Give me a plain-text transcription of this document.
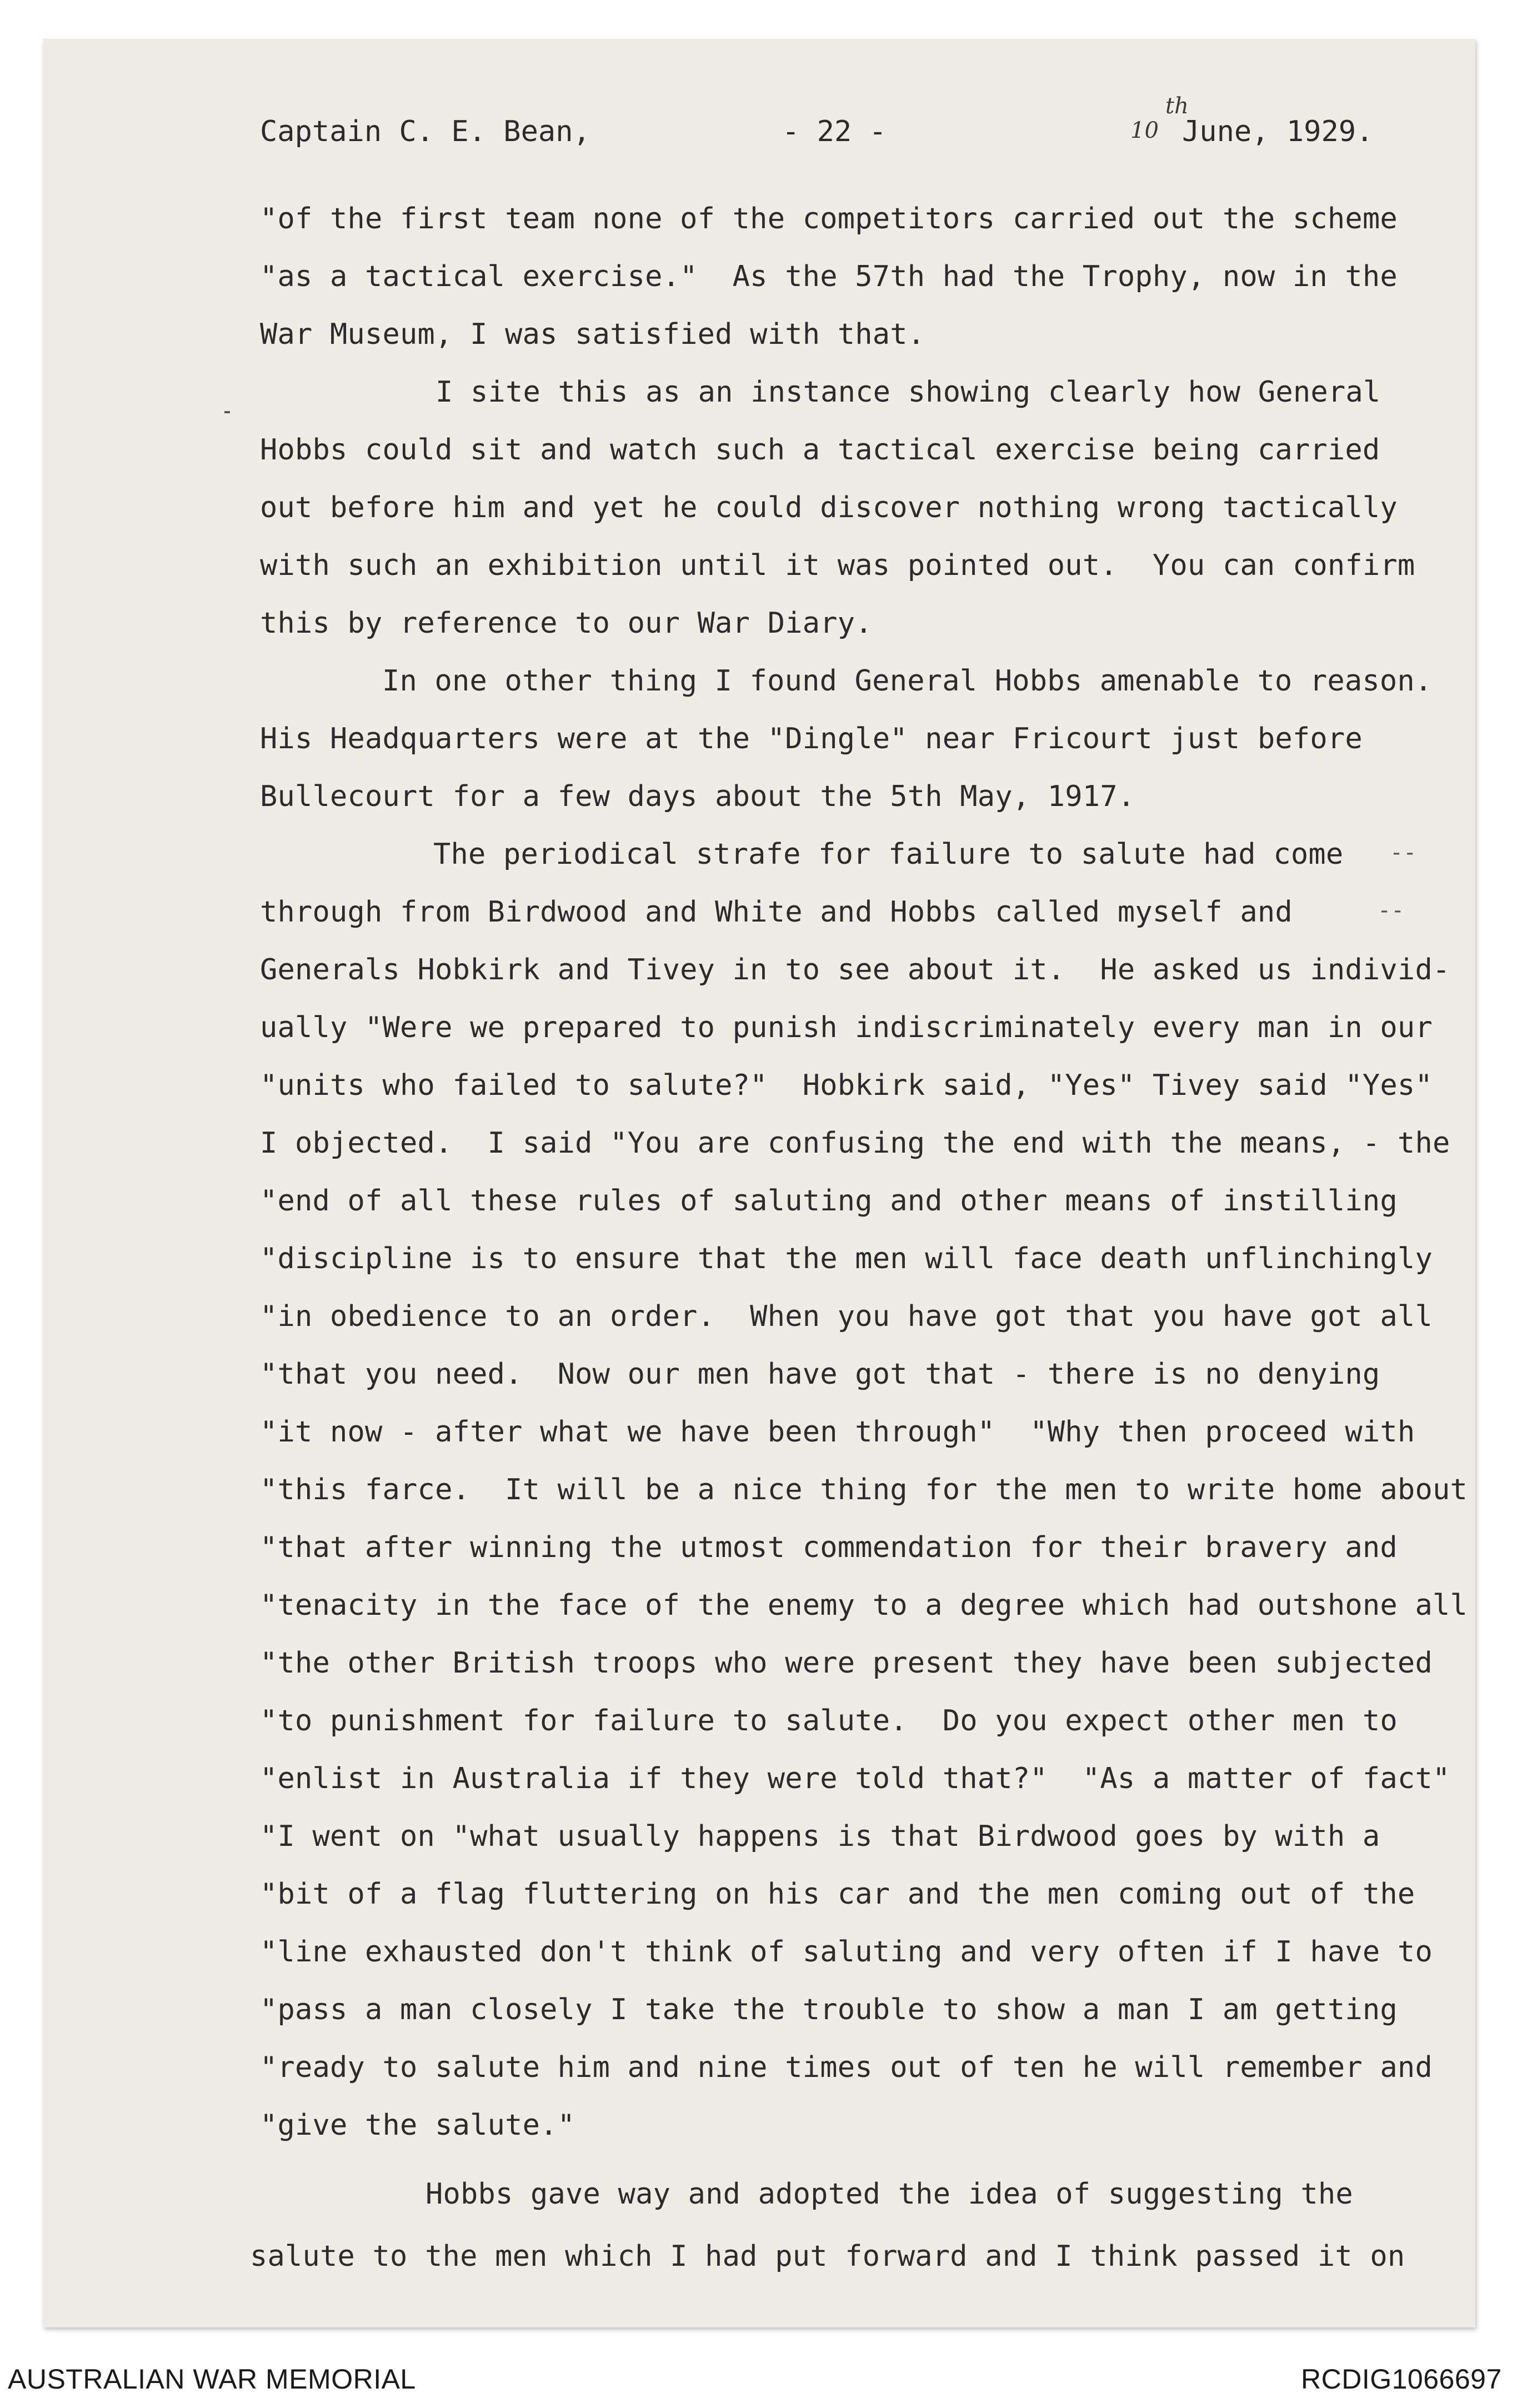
Captain C. E. Bean,	- 22 -	10
th
June, 1929.
"of the first team none of the competitors carried out the scheme
"as a tactical exercise."  As the 57th had the Trophy, now in the
War Museum, I was satisfied with that.
I site this as an instance showing clearly how General
Hobbs could sit and watch such a tactical exercise being carried
out before him and yet he could discover nothing wrong tactically
with such an exhibition until it was pointed out.  You can confirm
this by reference to our War Diary.
In one other thing I found General Hobbs amenable to reason.
His Headquarters were at the "Dingle" near Fricourt just before
Bullecourt for a few days about the 5th May, 1917.
The periodical strafe for failure to salute had come
through from Birdwood and White and Hobbs called myself and
Generals Hobkirk and Tivey in to see about it.  He asked us individ-
ually "Were we prepared to punish indiscriminately every man in our
"units who failed to salute?"  Hobkirk said, "Yes" Tivey said "Yes"
I objected.  I said "You are confusing the end with the means, - the
"end of all these rules of saluting and other means of instilling
"discipline is to ensure that the men will face death unflinchingly
"in obedience to an order.  When you have got that you have got all
"that you need.  Now our men have got that - there is no denying
"it now - after what we have been through"  "Why then proceed with
"this farce.  It will be a nice thing for the men to write home about
"that after winning the utmost commendation for their bravery and
"tenacity in the face of the enemy to a degree which had outshone all
"the other British troops who were present they have been subjected
"to punishment for failure to salute.  Do you expect other men to
"enlist in Australia if they were told that?"  "As a matter of fact"
"I went on "what usually happens is that Birdwood goes by with a
"bit of a flag fluttering on his car and the men coming out of the
"line exhausted don't think of saluting and very often if I have to
"pass a man closely I take the trouble to show a man I am getting
"ready to salute him and nine times out of ten he will remember and
"give the salute."
Hobbs gave way and adopted the idea of suggesting the
salute to the men which I had put forward and I think passed it on
--
--
AUSTRALIAN WAR MEMORIAL	RCDIG1066697
